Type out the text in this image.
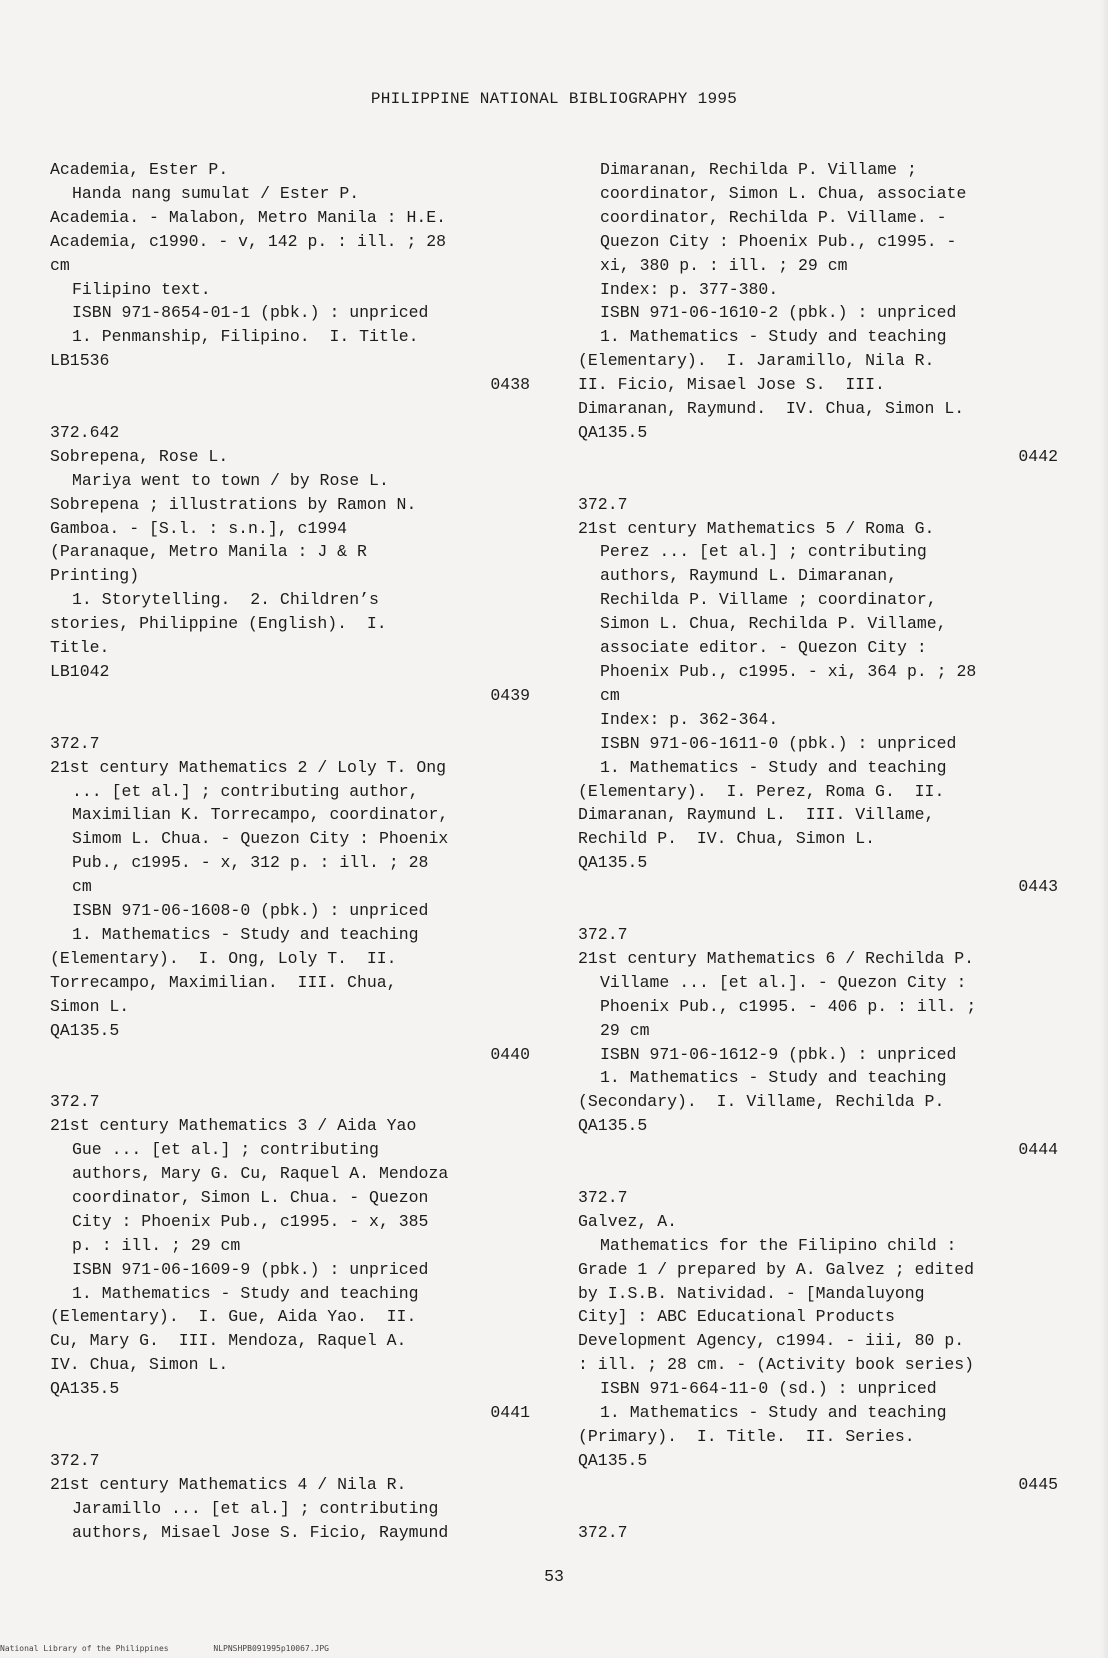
PHILIPPINE NATIONAL BIBLIOGRAPHY 1995
Academia, Ester P.
Handa nang sumulat / Ester P.
Academia. - Malabon, Metro Manila : H.E.
Academia, c1990. - v, 142 p. : ill. ; 28
cm
Filipino text.
ISBN 971-8654-01-1 (pbk.) : unpriced
1. Penmanship, Filipino.  I. Title.
LB1536
0438
372.642
Sobrepena, Rose L.
Mariya went to town / by Rose L.
Sobrepena ; illustrations by Ramon N.
Gamboa. - [S.l. : s.n.], c1994
(Paranaque, Metro Manila : J & R
Printing)
1. Storytelling.  2. Children’s
stories, Philippine (English).  I.
Title.
LB1042
0439
372.7
21st century Mathematics 2 / Loly T. Ong
... [et al.] ; contributing author,
Maximilian K. Torrecampo, coordinator,
Simom L. Chua. - Quezon City : Phoenix
Pub., c1995. - x, 312 p. : ill. ; 28
cm
ISBN 971-06-1608-0 (pbk.) : unpriced
1. Mathematics - Study and teaching
(Elementary).  I. Ong, Loly T.  II.
Torrecampo, Maximilian.  III. Chua,
Simon L.
QA135.5
0440
372.7
21st century Mathematics 3 / Aida Yao
Gue ... [et al.] ; contributing
authors, Mary G. Cu, Raquel A. Mendoza
coordinator, Simon L. Chua. - Quezon
City : Phoenix Pub., c1995. - x, 385
p. : ill. ; 29 cm
ISBN 971-06-1609-9 (pbk.) : unpriced
1. Mathematics - Study and teaching
(Elementary).  I. Gue, Aida Yao.  II.
Cu, Mary G.  III. Mendoza, Raquel A.
IV. Chua, Simon L.
QA135.5
0441
372.7
21st century Mathematics 4 / Nila R.
Jaramillo ... [et al.] ; contributing
authors, Misael Jose S. Ficio, Raymund
Dimaranan, Rechilda P. Villame ;
coordinator, Simon L. Chua, associate
coordinator, Rechilda P. Villame. -
Quezon City : Phoenix Pub., c1995. -
xi, 380 p. : ill. ; 29 cm
Index: p. 377-380.
ISBN 971-06-1610-2 (pbk.) : unpriced
1. Mathematics - Study and teaching
(Elementary).  I. Jaramillo, Nila R.
II. Ficio, Misael Jose S.  III.
Dimaranan, Raymund.  IV. Chua, Simon L.
QA135.5
0442
372.7
21st century Mathematics 5 / Roma G.
Perez ... [et al.] ; contributing
authors, Raymund L. Dimaranan,
Rechilda P. Villame ; coordinator,
Simon L. Chua, Rechilda P. Villame,
associate editor. - Quezon City :
Phoenix Pub., c1995. - xi, 364 p. ; 28
cm
Index: p. 362-364.
ISBN 971-06-1611-0 (pbk.) : unpriced
1. Mathematics - Study and teaching
(Elementary).  I. Perez, Roma G.  II.
Dimaranan, Raymund L.  III. Villame,
Rechild P.  IV. Chua, Simon L.
QA135.5
0443
372.7
21st century Mathematics 6 / Rechilda P.
Villame ... [et al.]. - Quezon City :
Phoenix Pub., c1995. - 406 p. : ill. ;
29 cm
ISBN 971-06-1612-9 (pbk.) : unpriced
1. Mathematics - Study and teaching
(Secondary).  I. Villame, Rechilda P.
QA135.5
0444
372.7
Galvez, A.
Mathematics for the Filipino child :
Grade 1 / prepared by A. Galvez ; edited
by I.S.B. Natividad. - [Mandaluyong
City] : ABC Educational Products
Development Agency, c1994. - iii, 80 p.
: ill. ; 28 cm. - (Activity book series)
ISBN 971-664-11-0 (sd.) : unpriced
1. Mathematics - Study and teaching
(Primary).  I. Title.  II. Series.
QA135.5
0445
372.7
53
National Library of the Philippines	NLPNSHPB091995p10067.JPG
